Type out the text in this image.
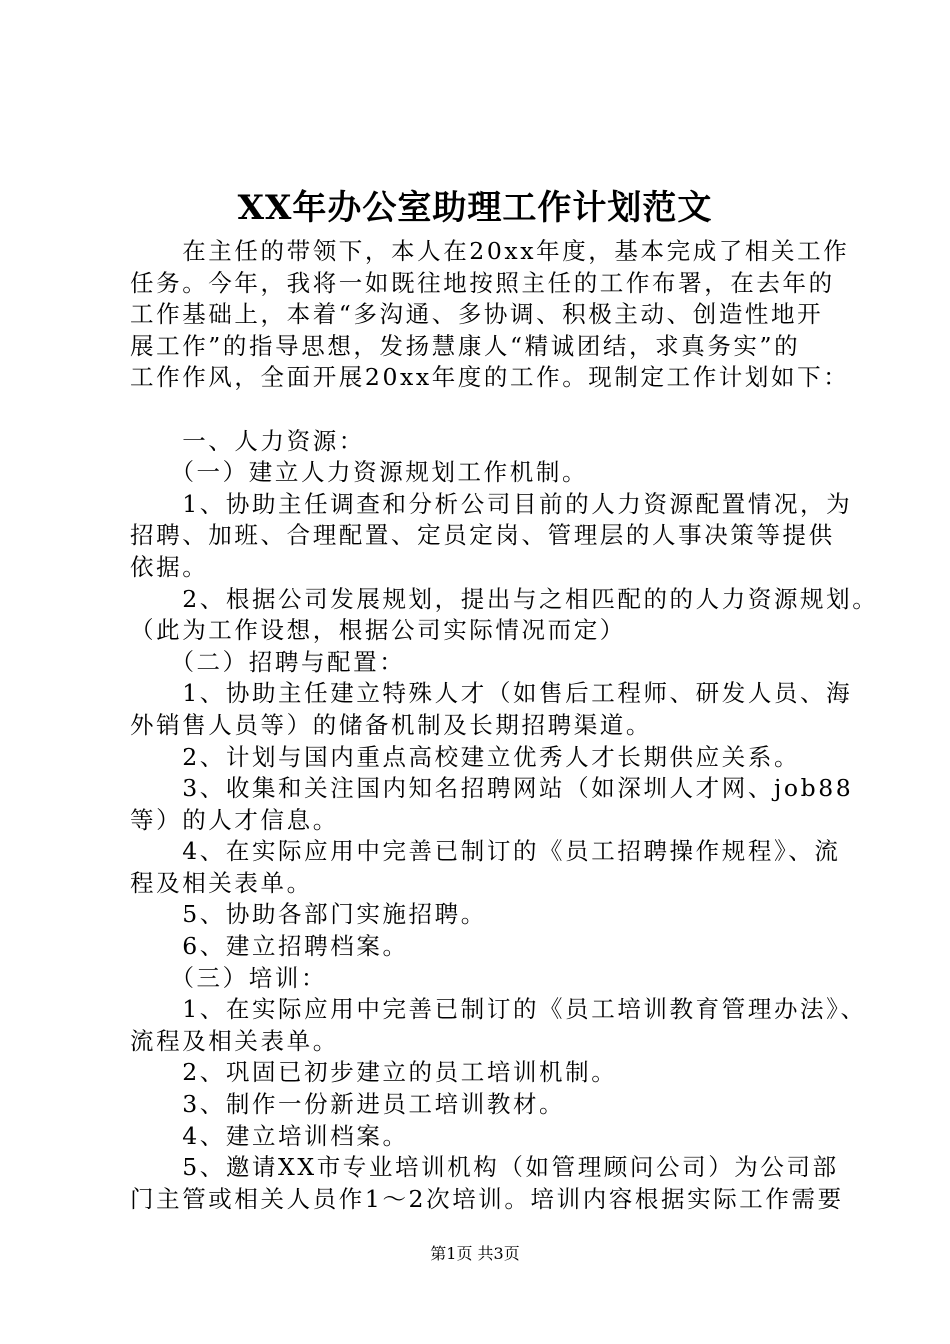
XX年办公室助理工作计划范文
　　在主任的带领下，本人在20xx年度，基本完成了相关工作
任务。今年，我将一如既往地按照主任的工作布署，在去年的
工作基础上，本着“多沟通、多协调、积极主动、创造性地开
展工作”的指导思想，发扬慧康人“精诚团结，求真务实”的
工作作风，全面开展20xx年度的工作。现制定工作计划如下：
　　一、人力资源：
　　（一）建立人力资源规划工作机制。
　　1、协助主任调查和分析公司目前的人力资源配置情况，为
招聘、加班、合理配置、定员定岗、管理层的人事决策等提供
依据。
　　2、根据公司发展规划，提出与之相匹配的的人力资源规划。
（此为工作设想，根据公司实际情况而定）
　　（二）招聘与配置：
　　1、协助主任建立特殊人才（如售后工程师、研发人员、海
外销售人员等）的储备机制及长期招聘渠道。
　　2、计划与国内重点高校建立优秀人才长期供应关系。
　　3、收集和关注国内知名招聘网站（如深圳人才网、job88
等）的人才信息。
　　4、在实际应用中完善已制订的《员工招聘操作规程》、流
程及相关表单。
　　5、协助各部门实施招聘。
　　6、建立招聘档案。
　　（三）培训：
　　1、在实际应用中完善已制订的《员工培训教育管理办法》、
流程及相关表单。
　　2、巩固已初步建立的员工培训机制。
　　3、制作一份新进员工培训教材。
　　4、建立培训档案。
　　5、邀请XX市专业培训机构（如管理顾问公司）为公司部
门主管或相关人员作1～2次培训。培训内容根据实际工作需要
第1页 共3页
